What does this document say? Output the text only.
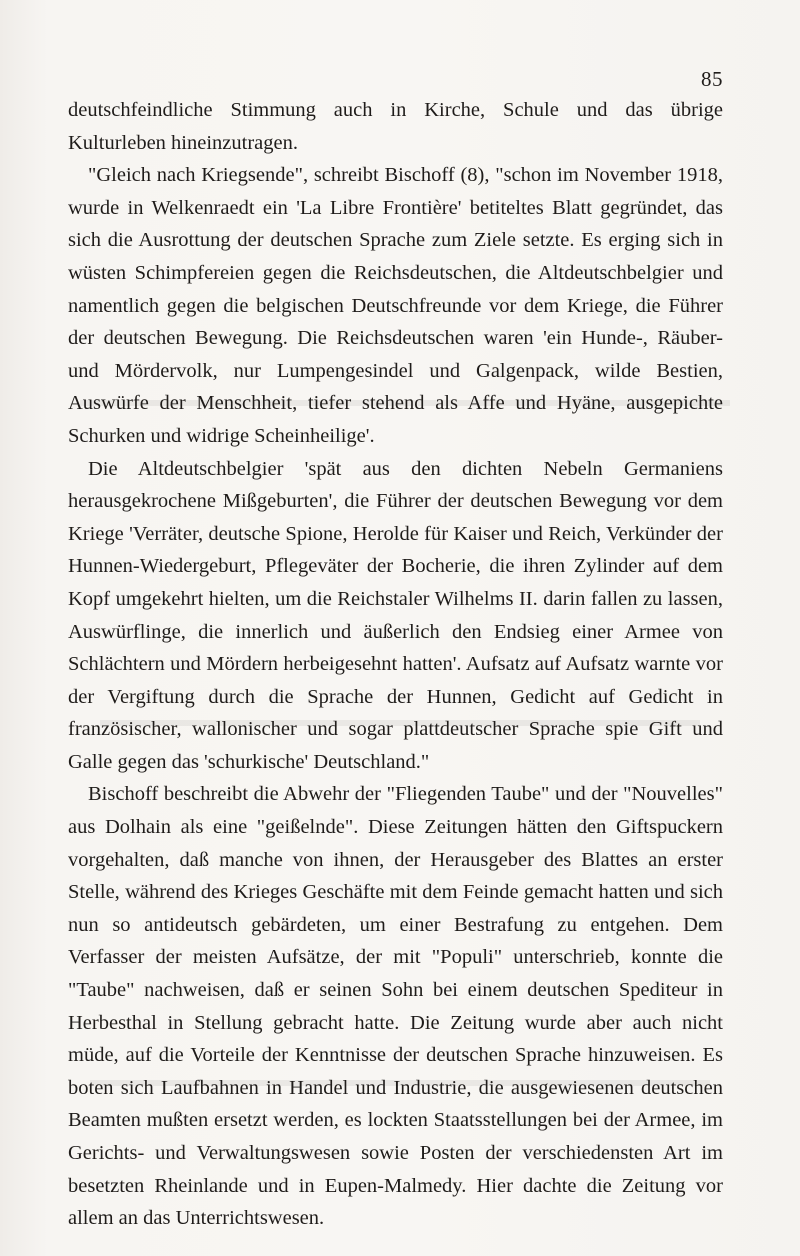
85

deutschfeindliche Stimmung auch in Kirche, Schule und das übrige Kulturleben hineinzutragen.

"Gleich nach Kriegsende", schreibt Bischoff (8), "schon im November 1918, wurde in Welkenraedt ein 'La Libre Frontière' betiteltes Blatt gegründet, das sich die Ausrottung der deutschen Sprache zum Ziele setzte. Es erging sich in wüsten Schimpfereien gegen die Reichsdeutschen, die Altdeutschbelgier und namentlich gegen die belgischen Deutschfreunde vor dem Kriege, die Führer der deutschen Bewegung. Die Reichsdeutschen waren 'ein Hunde-, Räuber- und Mördervolk, nur Lumpengesindel und Galgenpack, wilde Bestien, Auswürfe der Menschheit, tiefer stehend als Affe und Hyäne, ausgepichte Schurken und widrige Scheinheilige'.

Die Altdeutschbelgier 'spät aus den dichten Nebeln Germaniens herausgekrochene Mißgeburten', die Führer der deutschen Bewegung vor dem Kriege 'Verräter, deutsche Spione, Herolde für Kaiser und Reich, Verkünder der Hunnen-Wiedergeburt, Pflegeväter der Bocherie, die ihren Zylinder auf dem Kopf umgekehrt hielten, um die Reichstaler Wilhelms II. darin fallen zu lassen, Auswürflinge, die innerlich und äußerlich den Endsieg einer Armee von Schlächtern und Mördern herbeigesehnt hatten'. Aufsatz auf Aufsatz warnte vor der Vergiftung durch die Sprache der Hunnen, Gedicht auf Gedicht in französischer, wallonischer und sogar plattdeutscher Sprache spie Gift und Galle gegen das 'schurkische' Deutschland."

Bischoff beschreibt die Abwehr der "Fliegenden Taube" und der "Nouvelles" aus Dolhain als eine "geißelnde". Diese Zeitungen hätten den Giftspuckern vorgehalten, daß manche von ihnen, der Herausgeber des Blattes an erster Stelle, während des Krieges Geschäfte mit dem Feinde gemacht hatten und sich nun so antideutsch gebärdeten, um einer Bestrafung zu entgehen. Dem Verfasser der meisten Aufsätze, der mit "Populi" unterschrieb, konnte die "Taube" nachweisen, daß er seinen Sohn bei einem deutschen Spediteur in Herbesthal in Stellung gebracht hatte. Die Zeitung wurde aber auch nicht müde, auf die Vorteile der Kenntnisse der deutschen Sprache hinzuweisen. Es boten sich Laufbahnen in Handel und Industrie, die ausgewiesenen deutschen Beamten mußten ersetzt werden, es lockten Staatsstellungen bei der Armee, im Gerichts- und Verwaltungswesen sowie Posten der verschiedensten Art im besetzten Rheinlande und in Eupen-Malmedy. Hier dachte die Zeitung vor allem an das Unterrichtswesen.
